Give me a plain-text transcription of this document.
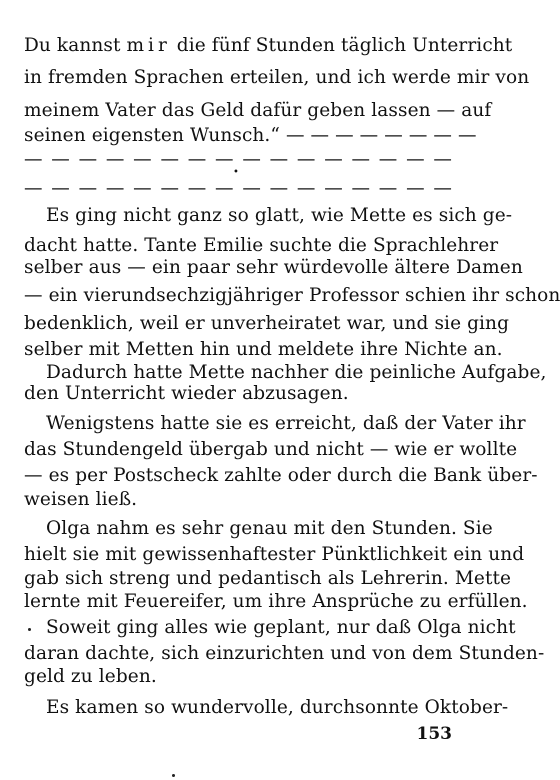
Du kannst mir die fünf Stunden täglich Unterricht
in fremden Sprachen erteilen, und ich werde mir von
meinem Vater das Geld dafür geben lassen — auf
seinen eigensten Wunsch.“ — — — — — — — —
— — — — — — — — — — — — — — — —
— — — — — — — — — — — — — — — —
•
Es ging nicht ganz so glatt, wie Mette es sich ge-
dacht hatte. Tante Emilie suchte die Sprachlehrer
selber aus — ein paar sehr würdevolle ältere Damen
— ein vierundsechzigjähriger Professor schien ihr schon
bedenklich, weil er unverheiratet war, und sie ging
selber mit Metten hin und meldete ihre Nichte an.
Dadurch hatte Mette nachher die peinliche Aufgabe,
den Unterricht wieder abzusagen.
Wenigstens hatte sie es erreicht, daß der Vater ihr
das Stundengeld übergab und nicht — wie er wollte
— es per Postscheck zahlte oder durch die Bank über-
weisen ließ.
Olga nahm es sehr genau mit den Stunden. Sie
hielt sie mit gewissenhaftester Pünktlichkeit ein und
gab sich streng und pedantisch als Lehrerin. Mette
lernte mit Feuereifer, um ihre Ansprüche zu erfüllen.
Soweit ging alles wie geplant, nur daß Olga nicht
daran dachte, sich einzurichten und von dem Stunden-
geld zu leben.
Es kamen so wundervolle, durchsonnte Oktober-
153
